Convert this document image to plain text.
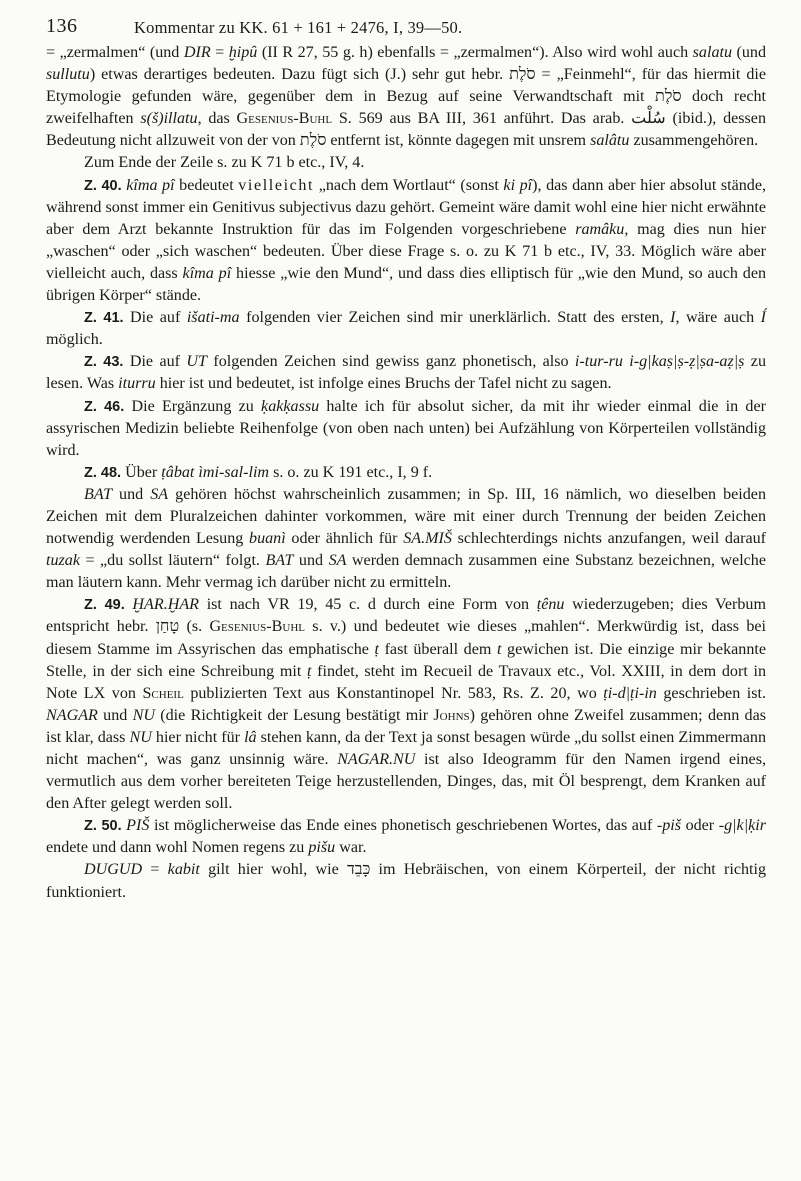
136	Kommentar zu KK. 61 + 161 + 2476, I, 39—50.

= „zermalmen“ (und DIR = ḫipû (II R 27, 55 g. h) ebenfalls = „zermalmen“). Also wird wohl auch salatu (und sullutu) etwas derartiges bedeuten. Dazu fügt sich (J.) sehr gut hebr. סֹלֶת = „Feinmehl“, für das hiermit die Etymologie gefunden wäre, gegenüber dem in Bezug auf seine Verwandtschaft mit סֹלֶת doch recht zweifelhaften s(š)illatu, das Gesenius-Buhl S. 569 aus BA III, 361 anführt. Das arab. سُلْت (ibid.), dessen Bedeutung nicht allzuweit von der von סֹלֶת entfernt ist, könnte dagegen mit unsrem salâtu zusammengehören.

Zum Ende der Zeile s. zu K 71 b etc., IV, 4.

Z. 40. kîma pî bedeutet vielleicht „nach dem Wortlaut“ (sonst ki pî), das dann aber hier absolut stände, während sonst immer ein Genitivus subjectivus dazu gehört. Gemeint wäre damit wohl eine hier nicht erwähnte aber dem Arzt bekannte Instruktion für das im Folgenden vorgeschriebene ramâku, mag dies nun hier „waschen“ oder „sich waschen“ bedeuten. Über diese Frage s. o. zu K 71 b etc., IV, 33. Möglich wäre aber vielleicht auch, dass kîma pî hiesse „wie den Mund“, und dass dies elliptisch für „wie den Mund, so auch den übrigen Körper“ stände.

Z. 41. Die auf išati-ma folgenden vier Zeichen sind mir unerklärlich. Statt des ersten, I, wäre auch Í möglich.

Z. 43. Die auf UT folgenden Zeichen sind gewiss ganz phonetisch, also i-tur-ru i-g|kaṣ|ṣ-ẓ|ṣa-aẓ|ṣ zu lesen. Was iturru hier ist und bedeutet, ist infolge eines Bruchs der Tafel nicht zu sagen.

Z. 46. Die Ergänzung zu ḳakḳassu halte ich für absolut sicher, da mit ihr wieder einmal die in der assyrischen Medizin beliebte Reihenfolge (von oben nach unten) bei Aufzählung von Körperteilen vollständig wird.

Z. 48. Über ṭâbat ìmi-sal-lim s. o. zu K 191 etc., I, 9 f.

BAT und SA gehören höchst wahrscheinlich zusammen; in Sp. III, 16 nämlich, wo dieselben beiden Zeichen mit dem Pluralzeichen dahinter vorkommen, wäre mit einer durch Trennung der beiden Zeichen notwendig werdenden Lesung buanì oder ähnlich für SA.MIŠ schlechterdings nichts anzufangen, weil darauf tuzak = „du sollst läutern“ folgt. BAT und SA werden demnach zusammen eine Substanz bezeichnen, welche man läutern kann. Mehr vermag ich darüber nicht zu ermitteln.

Z. 49. ḪAR.ḪAR ist nach VR 19, 45 c. d durch eine Form von ṭênu wiederzugeben; dies Verbum entspricht hebr. טָחַן (s. Gesenius-Buhl s. v.) und bedeutet wie dieses „mahlen“. Merkwürdig ist, dass bei diesem Stamme im Assyrischen das emphatische ṭ fast überall dem t gewichen ist. Die einzige mir bekannte Stelle, in der sich eine Schreibung mit ṭ findet, steht im Recueil de Travaux etc., Vol. XXIII, in dem dort in Note LX von Scheil publizierten Text aus Konstantinopel Nr. 583, Rs. Z. 20, wo ṭi-d|ṭi-in geschrieben ist. NAGAR und NU (die Richtigkeit der Lesung bestätigt mir Johns) gehören ohne Zweifel zusammen; denn das ist klar, dass NU hier nicht für lâ stehen kann, da der Text ja sonst besagen würde „du sollst einen Zimmermann nicht machen“, was ganz unsinnig wäre. NAGAR.NU ist also Ideogramm für den Namen irgend eines, vermutlich aus dem vorher bereiteten Teige herzustellenden, Dinges, das, mit Öl besprengt, dem Kranken auf den After gelegt werden soll.

Z. 50. PIŠ ist möglicherweise das Ende eines phonetisch geschriebenen Wortes, das auf -piš oder -g|k|ḳir endete und dann wohl Nomen regens zu pišu war.

DUGUD = kabit gilt hier wohl, wie כָּבֵד im Hebräischen, von einem Körperteil, der nicht richtig funktioniert.
